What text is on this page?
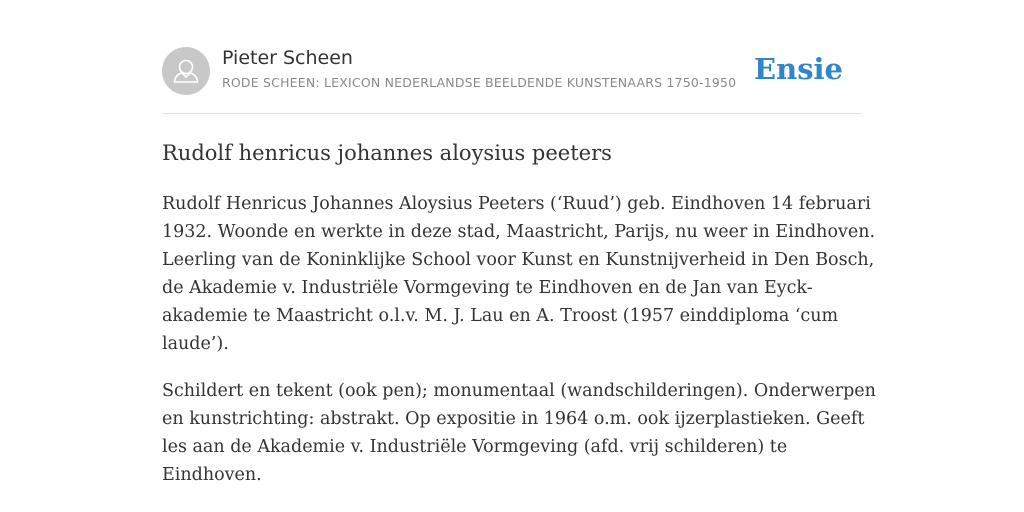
Pieter Scheen
RODE SCHEEN: LEXICON NEDERLANDSE BEELDENDE KUNSTENAARS 1750-1950 Ensie
Rudolf henricus johannes aloysius peeters

Rudolf Henricus Johannes Aloysius Peeters (‘Ruud’) geb. Eindhoven 14 februari
1932. Woonde en werkte in deze stad, Maastricht, Parijs, nu weer in Eindhoven.
Leerling van de Koninklijke School voor Kunst en Kunstnijverheid in Den Bosch,
de Akademie v. Industriële Vormgeving te Eindhoven en de Jan van Eyck-
akademie te Maastricht o.l.v. M. J. Lau en A. Troost (1957 einddiploma ‘cum
laude’).

Schildert en tekent (ook pen); monumentaal (wandschilderingen). Onderwerpen
en kunstrichting: abstrakt. Op expositie in 1964 o.m. ook ijzerplastieken. Geeft
les aan de Akademie v. Industriële Vormgeving (afd. vrij schilderen) te
Eindhoven.
